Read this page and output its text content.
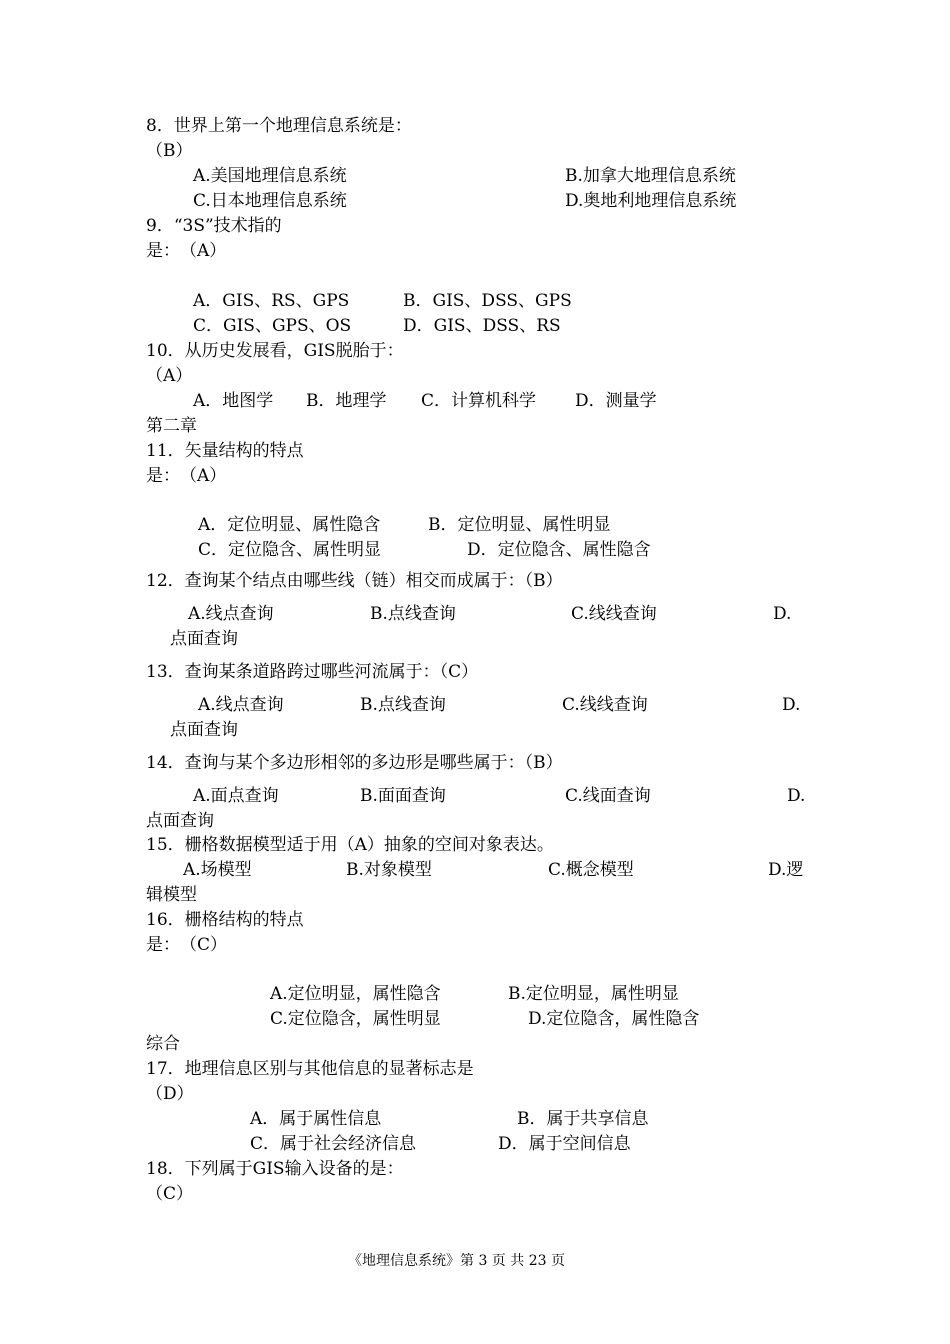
8．世界上第一个地理信息系统是：
（B）
A.美国地理信息系统	B.加拿大地理信息系统
C.日本地理信息系统	D.奥地利地理信息系统
9．“3S”技术指的
是：　（A）
A．GIS、RS、GPS	B．GIS、DSS、GPS
C．GIS、GPS、OS	D．GIS、DSS、RS
10．从历史发展看，GIS脱胎于：
（A）
A．地图学 B．地理学 C．计算机科学 D．测量学
第二章
11．矢量结构的特点
是：　（A）
A．定位明显、属性隐含	B．定位明显、属性明显
C．定位隐含、属性明显	D．定位隐含、属性隐含
12．查询某个结点由哪些线（链）相交而成属于：（B）
A.线点查询	B.点线查询	C.线线查询	D.
点面查询
13．查询某条道路跨过哪些河流属于：（C）
A.线点查询	B.点线查询	C.线线查询	D.
点面查询
14．查询与某个多边形相邻的多边形是哪些属于：（B）
A.面点查询	B.面面查询	C.线面查询	D.
点面查询
15．栅格数据模型适于用（A）抽象的空间对象表达。
A.场模型	B.对象模型	C.概念模型	D.逻
辑模型
16．栅格结构的特点
是：　（C）
A.定位明显，属性隐含	B.定位明显，属性明显
C.定位隐含，属性明显	D.定位隐含，属性隐含
综合
17．地理信息区别与其他信息的显著标志是
（D）
A．属于属性信息	B．属于共享信息
C．属于社会经济信息	D．属于空间信息
18．下列属于GIS输入设备的是：
（C）
《地理信息系统》第 3 页 共 23 页
